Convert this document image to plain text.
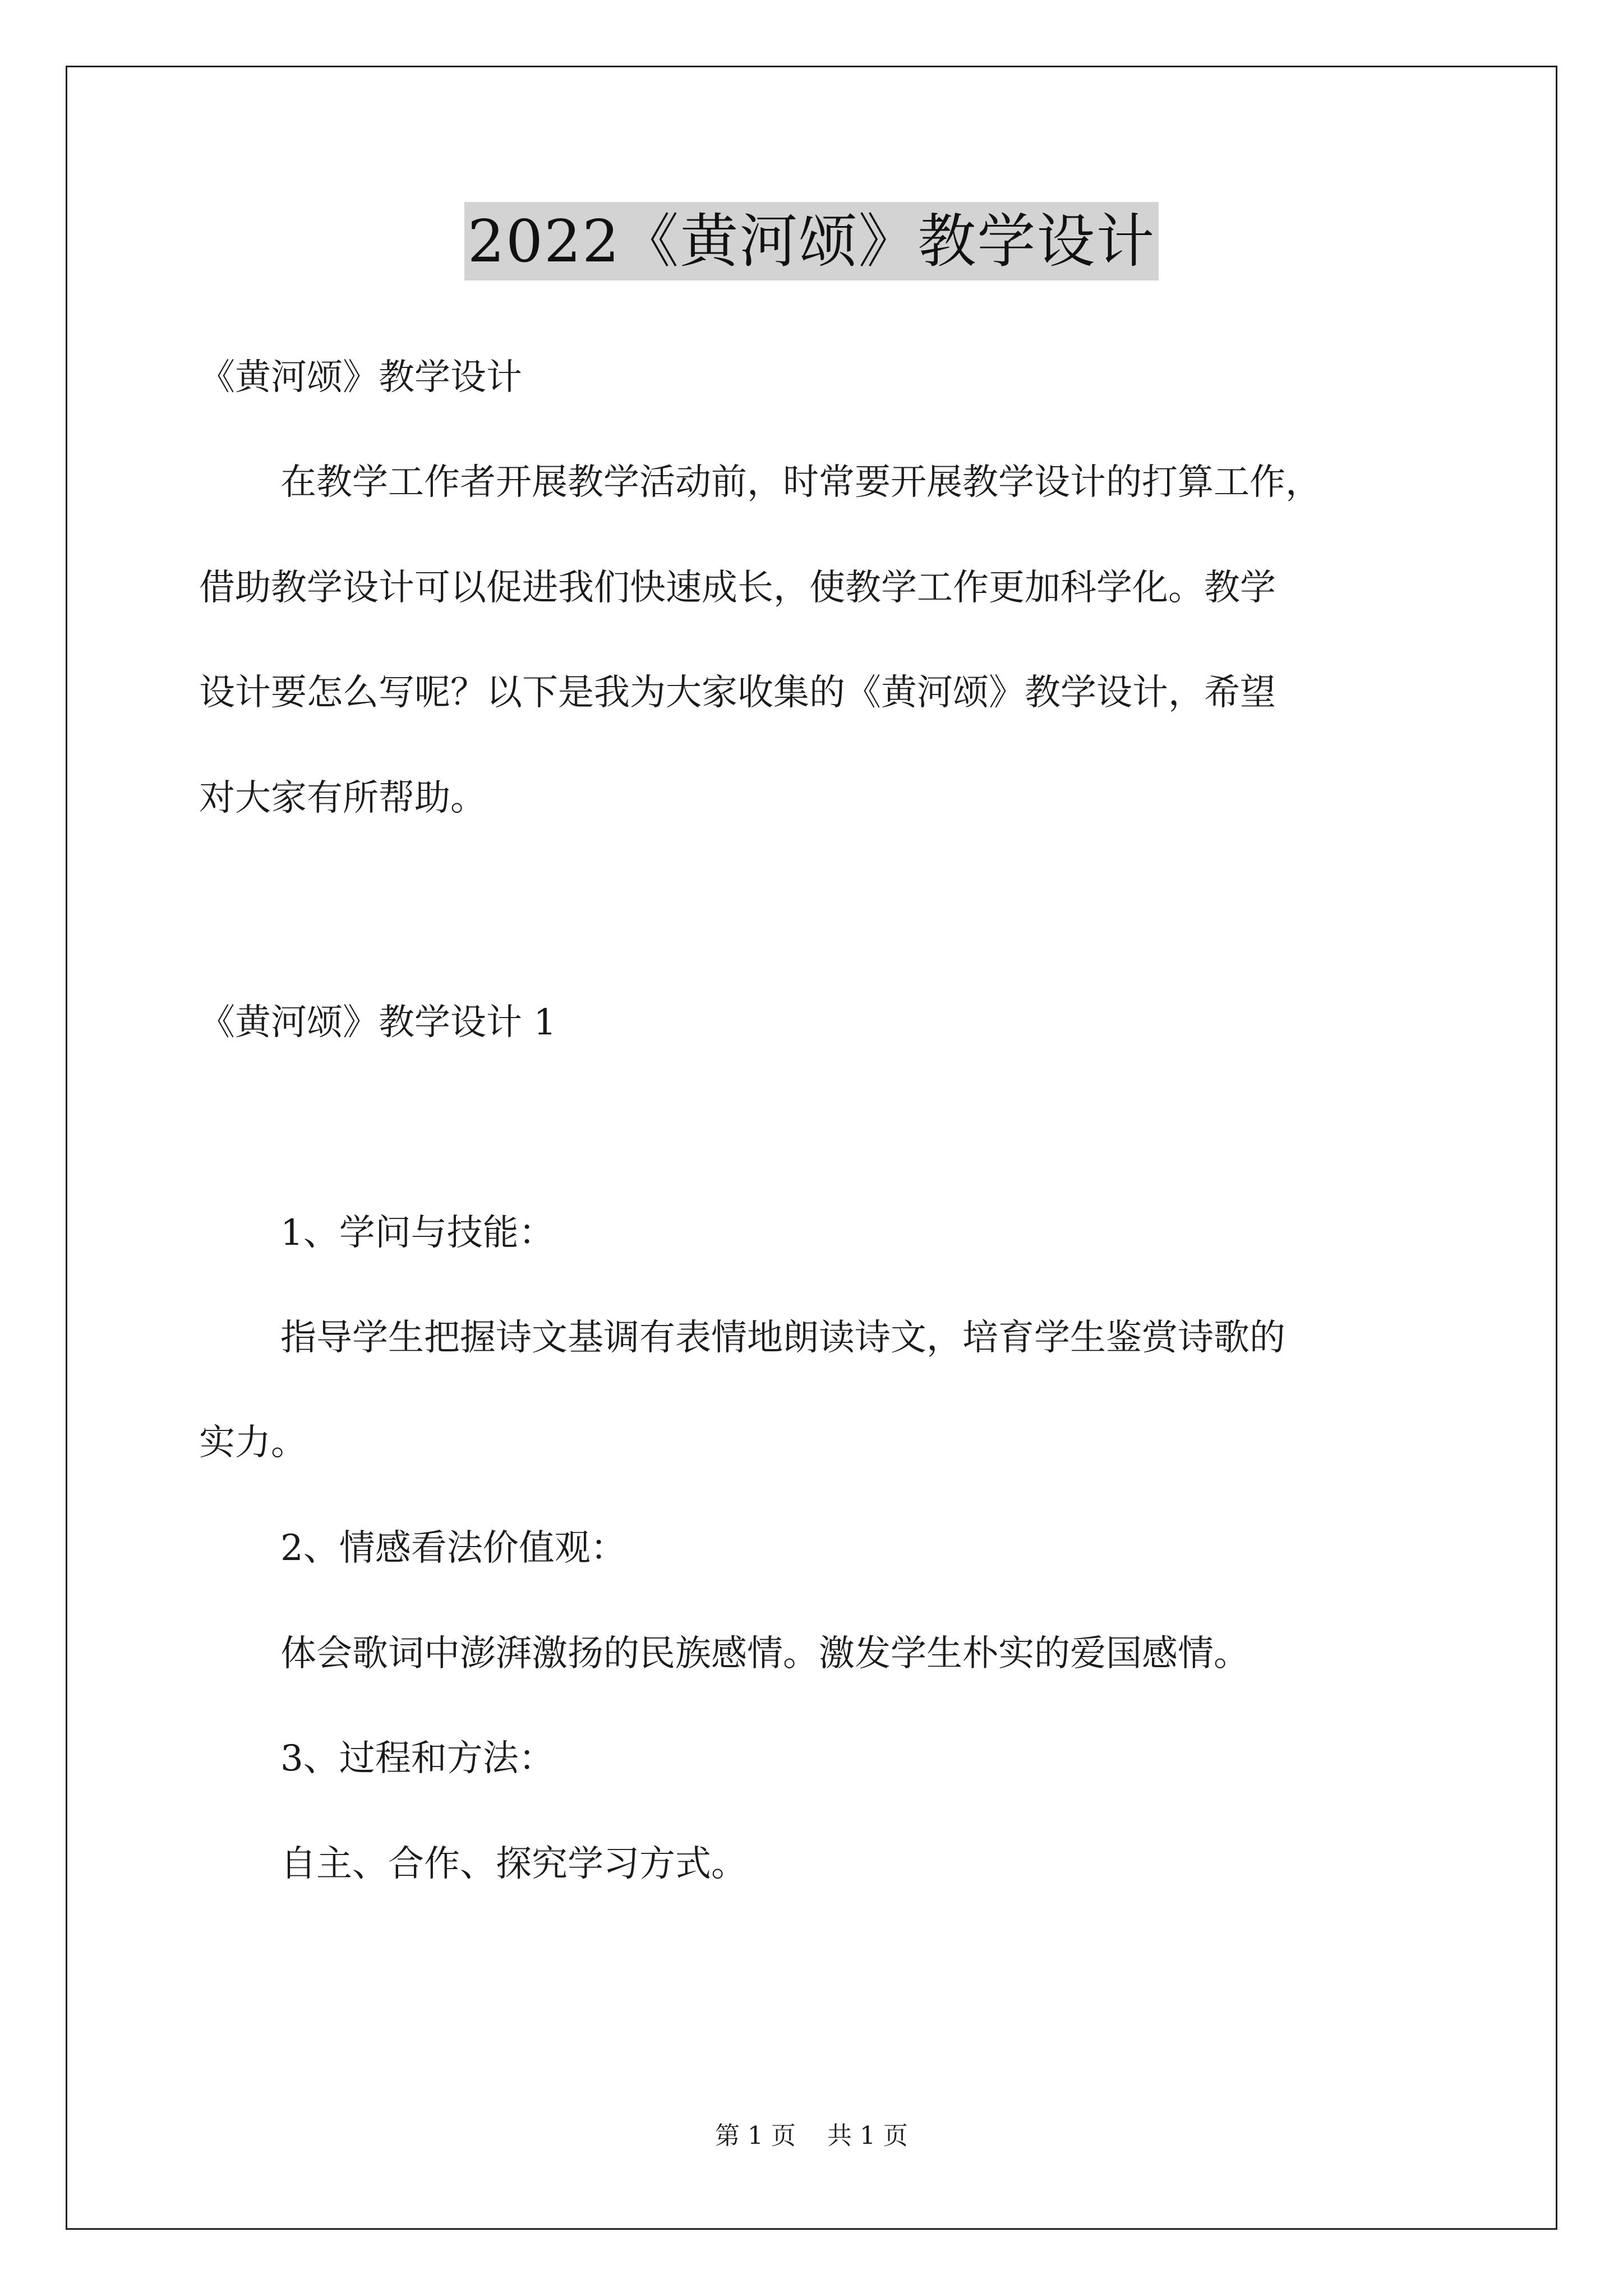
2022《黄河颂》教学设计
《黄河颂》教学设计
在教学工作者开展教学活动前，时常要开展教学设计的打算工作，
借助教学设计可以促进我们快速成长，使教学工作更加科学化。教学
设计要怎么写呢？以下是我为大家收集的《黄河颂》教学设计，希望
对大家有所帮助。
《黄河颂》教学设计 1
1、学问与技能：
指导学生把握诗文基调有表情地朗读诗文，培育学生鉴赏诗歌的
实力。
2、情感看法价值观：
体会歌词中澎湃激扬的民族感情。激发学生朴实的爱国感情。
3、过程和方法：
自主、合作、探究学习方式。
第 1 页 共 1 页
